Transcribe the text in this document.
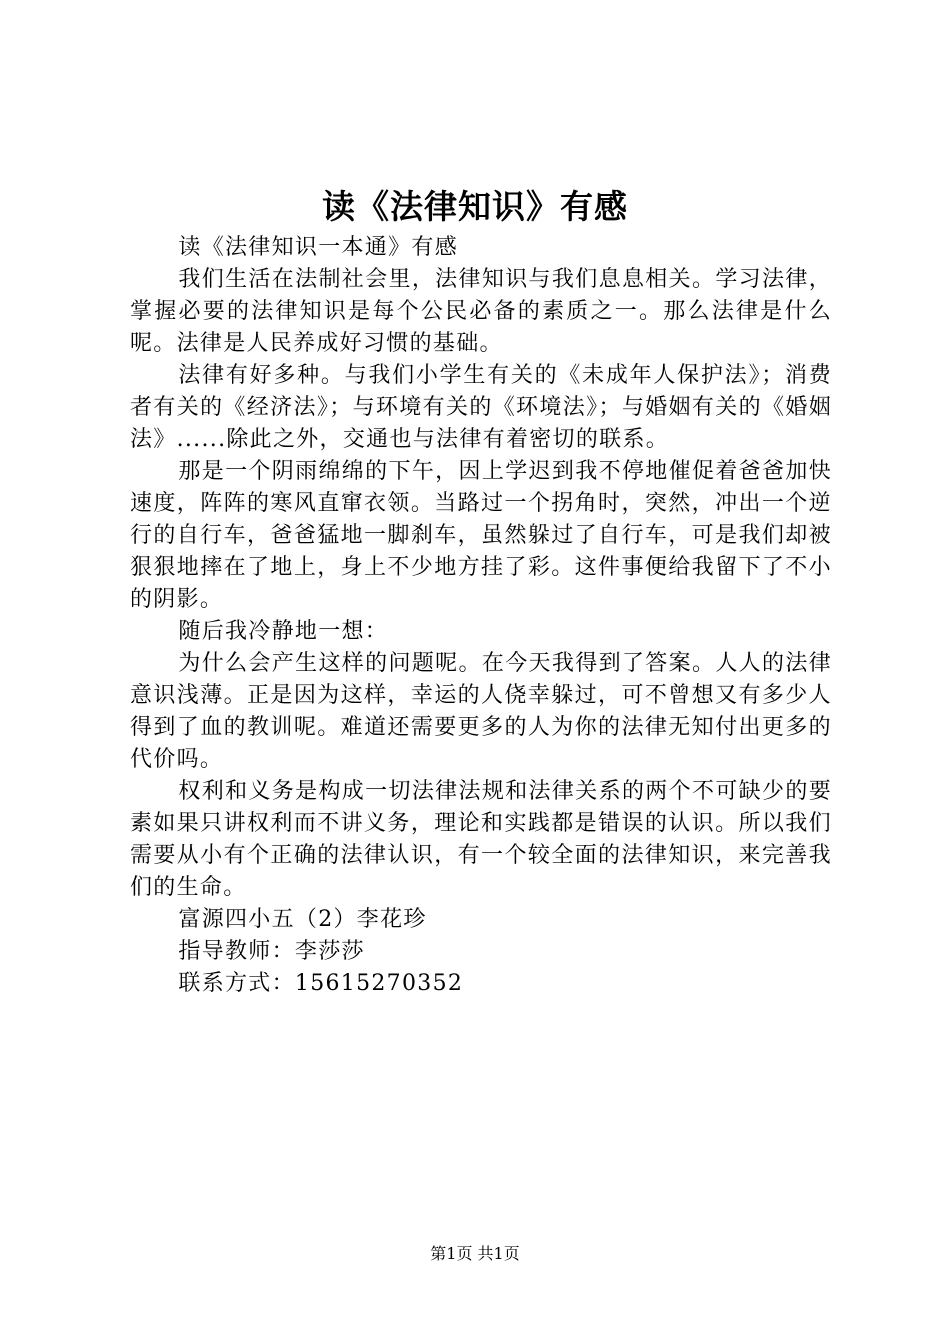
读《法律知识》有感

读《法律知识一本通》有感

我们生活在法制社会里，法律知识与我们息息相关。学习法律，掌握必要的法律知识是每个公民必备的素质之一。那么法律是什么呢。法律是人民养成好习惯的基础。

法律有好多种。与我们小学生有关的《未成年人保护法》；消费者有关的《经济法》；与环境有关的《环境法》；与婚姻有关的《婚姻法》......除此之外，交通也与法律有着密切的联系。

那是一个阴雨绵绵的下午，因上学迟到我不停地催促着爸爸加快速度，阵阵的寒风直窜衣领。当路过一个拐角时，突然，冲出一个逆行的自行车，爸爸猛地一脚刹车，虽然躲过了自行车，可是我们却被狠狠地摔在了地上，身上不少地方挂了彩。这件事便给我留下了不小的阴影。

随后我冷静地一想：

为什么会产生这样的问题呢。在今天我得到了答案。人人的法律意识浅薄。正是因为这样，幸运的人侥幸躲过，可不曾想又有多少人得到了血的教训呢。难道还需要更多的人为你的法律无知付出更多的代价吗。

权利和义务是构成一切法律法规和法律关系的两个不可缺少的要素如果只讲权利而不讲义务，理论和实践都是错误的认识。所以我们需要从小有个正确的法律认识，有一个较全面的法律知识，来完善我们的生命。

富源四小五（2）李花珍

指导教师：李莎莎

联系方式：15615270352

第1页 共1页
